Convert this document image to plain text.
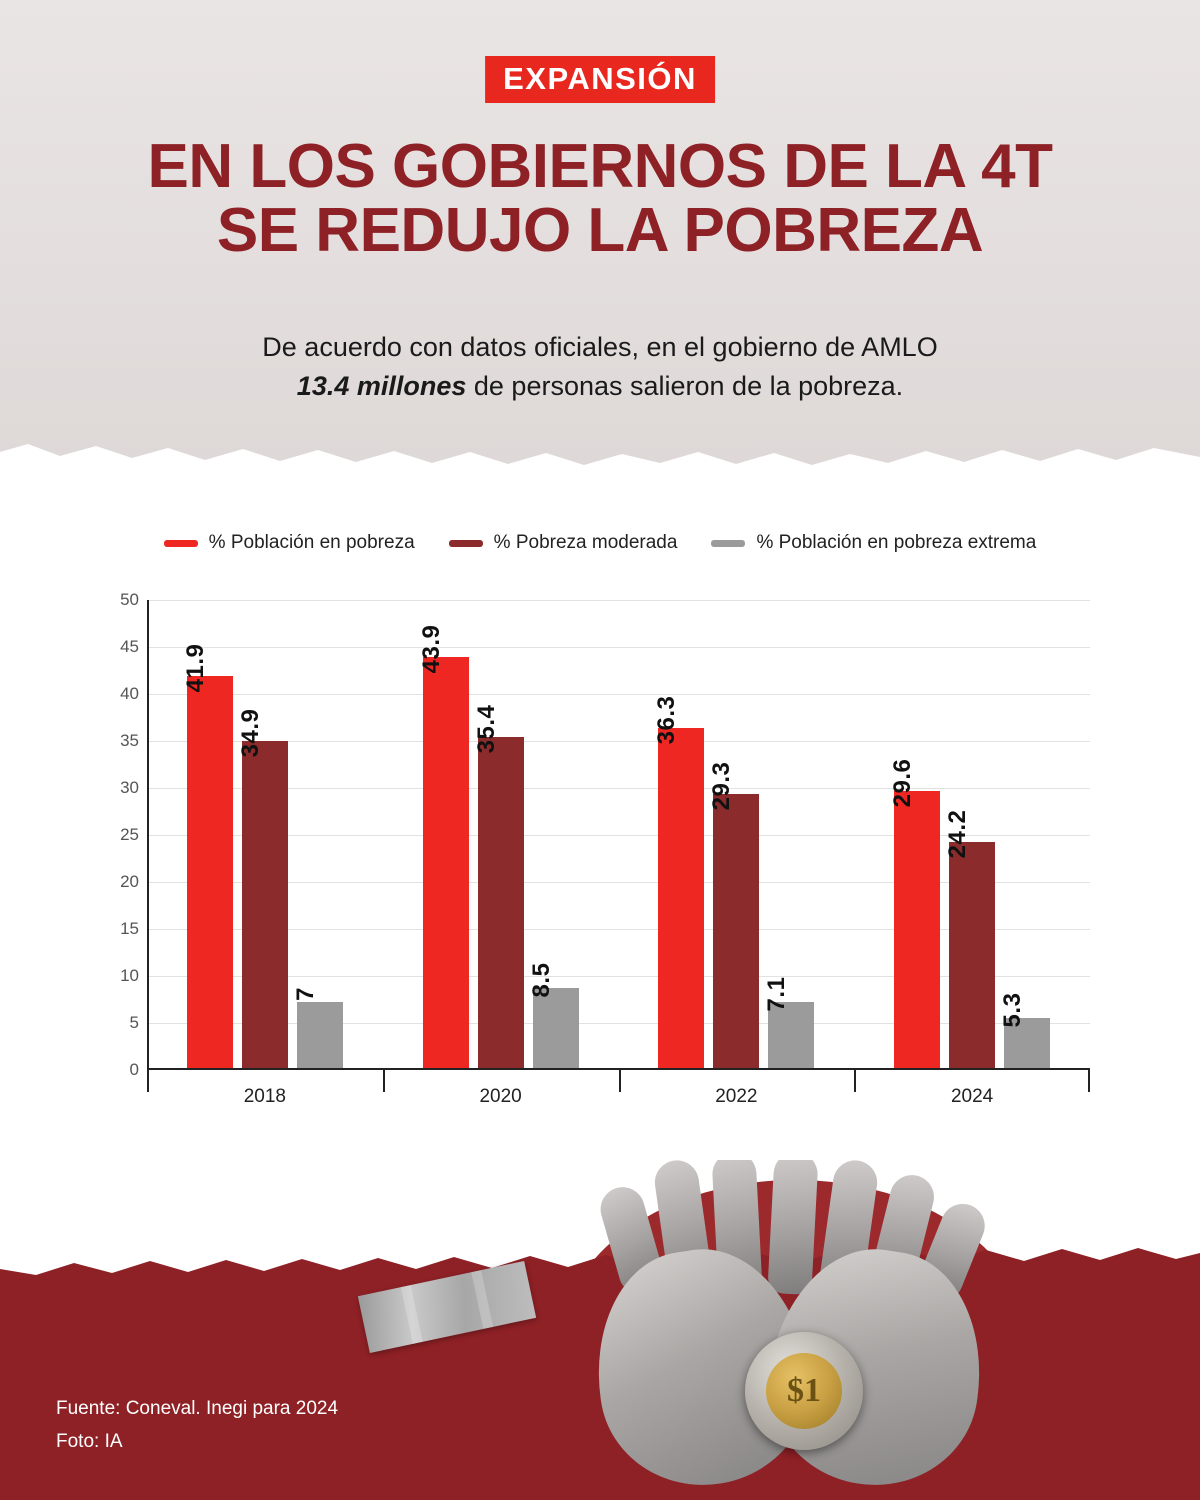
EXPANSIÓN
EN LOS GOBIERNOS DE LA 4T
SE REDUJO LA POBREZA
De acuerdo con datos oficiales, en el gobierno de AMLO
13.4 millones de personas salieron de la pobreza.
% Población en pobreza	% Pobreza moderada	% Población en pobreza extrema
50
45
40
35
30
25
20
15
10
5
0
41.9
34.9
7
43.9
35.4
8.5
36.3
29.3
7.1
29.6
24.2
5.3
2018	2020	2022	2024
$1
Fuente: Coneval. Inegi para 2024
Foto: IA
